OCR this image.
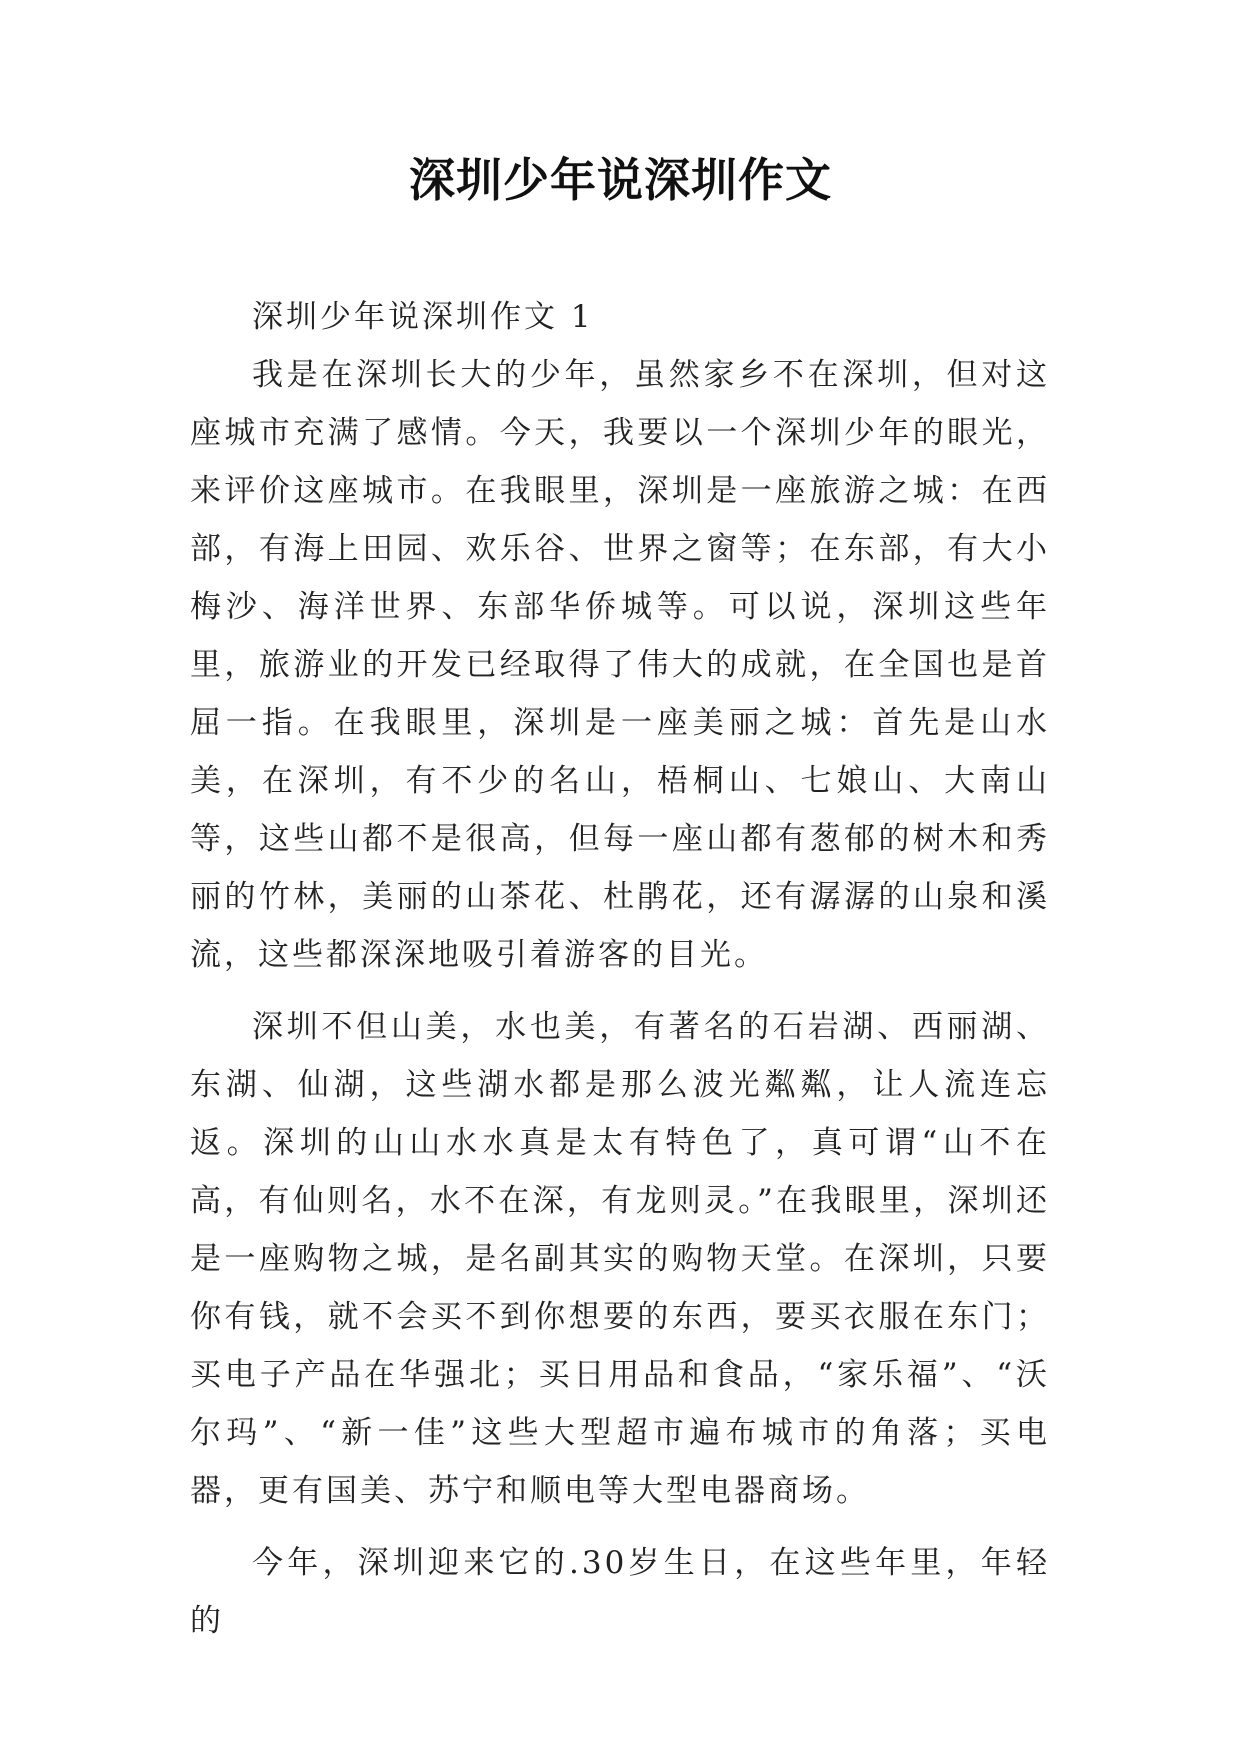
深圳少年说深圳作文

深圳少年说深圳作文 1

我是在深圳长大的少年，虽然家乡不在深圳，但对这座城市充满了感情。今天，我要以一个深圳少年的眼光，来评价这座城市。在我眼里，深圳是一座旅游之城：在西部，有海上田园、欢乐谷、世界之窗等；在东部，有大小梅沙、海洋世界、东部华侨城等。可以说，深圳这些年里，旅游业的开发已经取得了伟大的成就，在全国也是首屈一指。在我眼里，深圳是一座美丽之城：首先是山水美，在深圳，有不少的名山，梧桐山、七娘山、大南山等，这些山都不是很高，但每一座山都有葱郁的树木和秀丽的竹林，美丽的山茶花、杜鹃花，还有潺潺的山泉和溪流，这些都深深地吸引着游客的目光。

深圳不但山美，水也美，有著名的石岩湖、西丽湖、东湖、仙湖，这些湖水都是那么波光粼粼，让人流连忘返。深圳的山山水水真是太有特色了，真可谓“山不在高，有仙则名，水不在深，有龙则灵。”在我眼里，深圳还是一座购物之城，是名副其实的购物天堂。在深圳，只要你有钱，就不会买不到你想要的东西，要买衣服在东门；买电子产品在华强北；买日用品和食品，“家乐福”、“沃尔玛”、“新一佳”这些大型超市遍布城市的角落；买电器，更有国美、苏宁和顺电等大型电器商场。

今年，深圳迎来它的.30岁生日，在这些年里，年轻的
